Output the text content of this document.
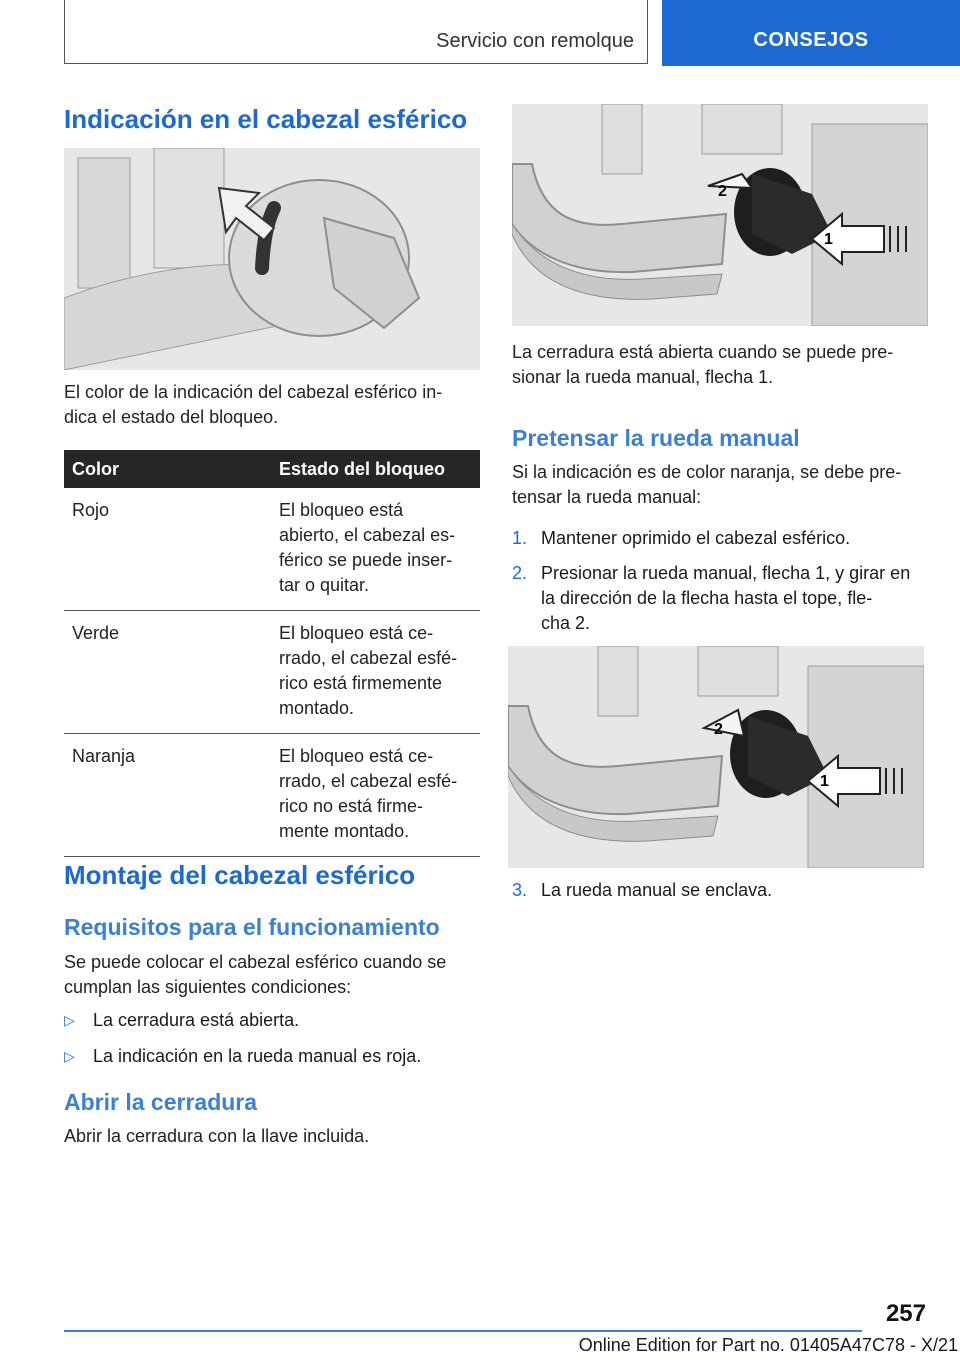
Servicio con remolque	CONSEJOS
Indicación en el cabezal esférico

El color de la indicación del cabezal esférico in-
dica el estado del bloqueo.

Color	Estado del bloqueo
Rojo	El bloqueo está
abierto, el cabezal es-
férico se puede inser-
tar o quitar.
Verde	El bloqueo está ce-
rrado, el cabezal esfé-
rico está firmemente
montado.
Naranja	El bloqueo está ce-
rrado, el cabezal esfé-
rico no está firme-
mente montado.
Montaje del cabezal esférico
Requisitos para el funcionamiento

Se puede colocar el cabezal esférico cuando se
cumplan las siguientes condiciones:

▷ La cerradura está abierta.
▷ La indicación en la rueda manual es roja.
Abrir la cerradura

Abrir la cerradura con la llave incluida.

2
1

La cerradura está abierta cuando se puede pre-
sionar la rueda manual, flecha 1.

Pretensar la rueda manual

Si la indicación es de color naranja, se debe pre-
tensar la rueda manual:

1. Mantener oprimido el cabezal esférico.
2. Presionar la rueda manual, flecha 1, y girar en
la dirección de la flecha hasta el tope, fle-
cha 2.
2
1
3. La rueda manual se enclava.
257
Online Edition for Part no. 01405A47C78 - X/21
